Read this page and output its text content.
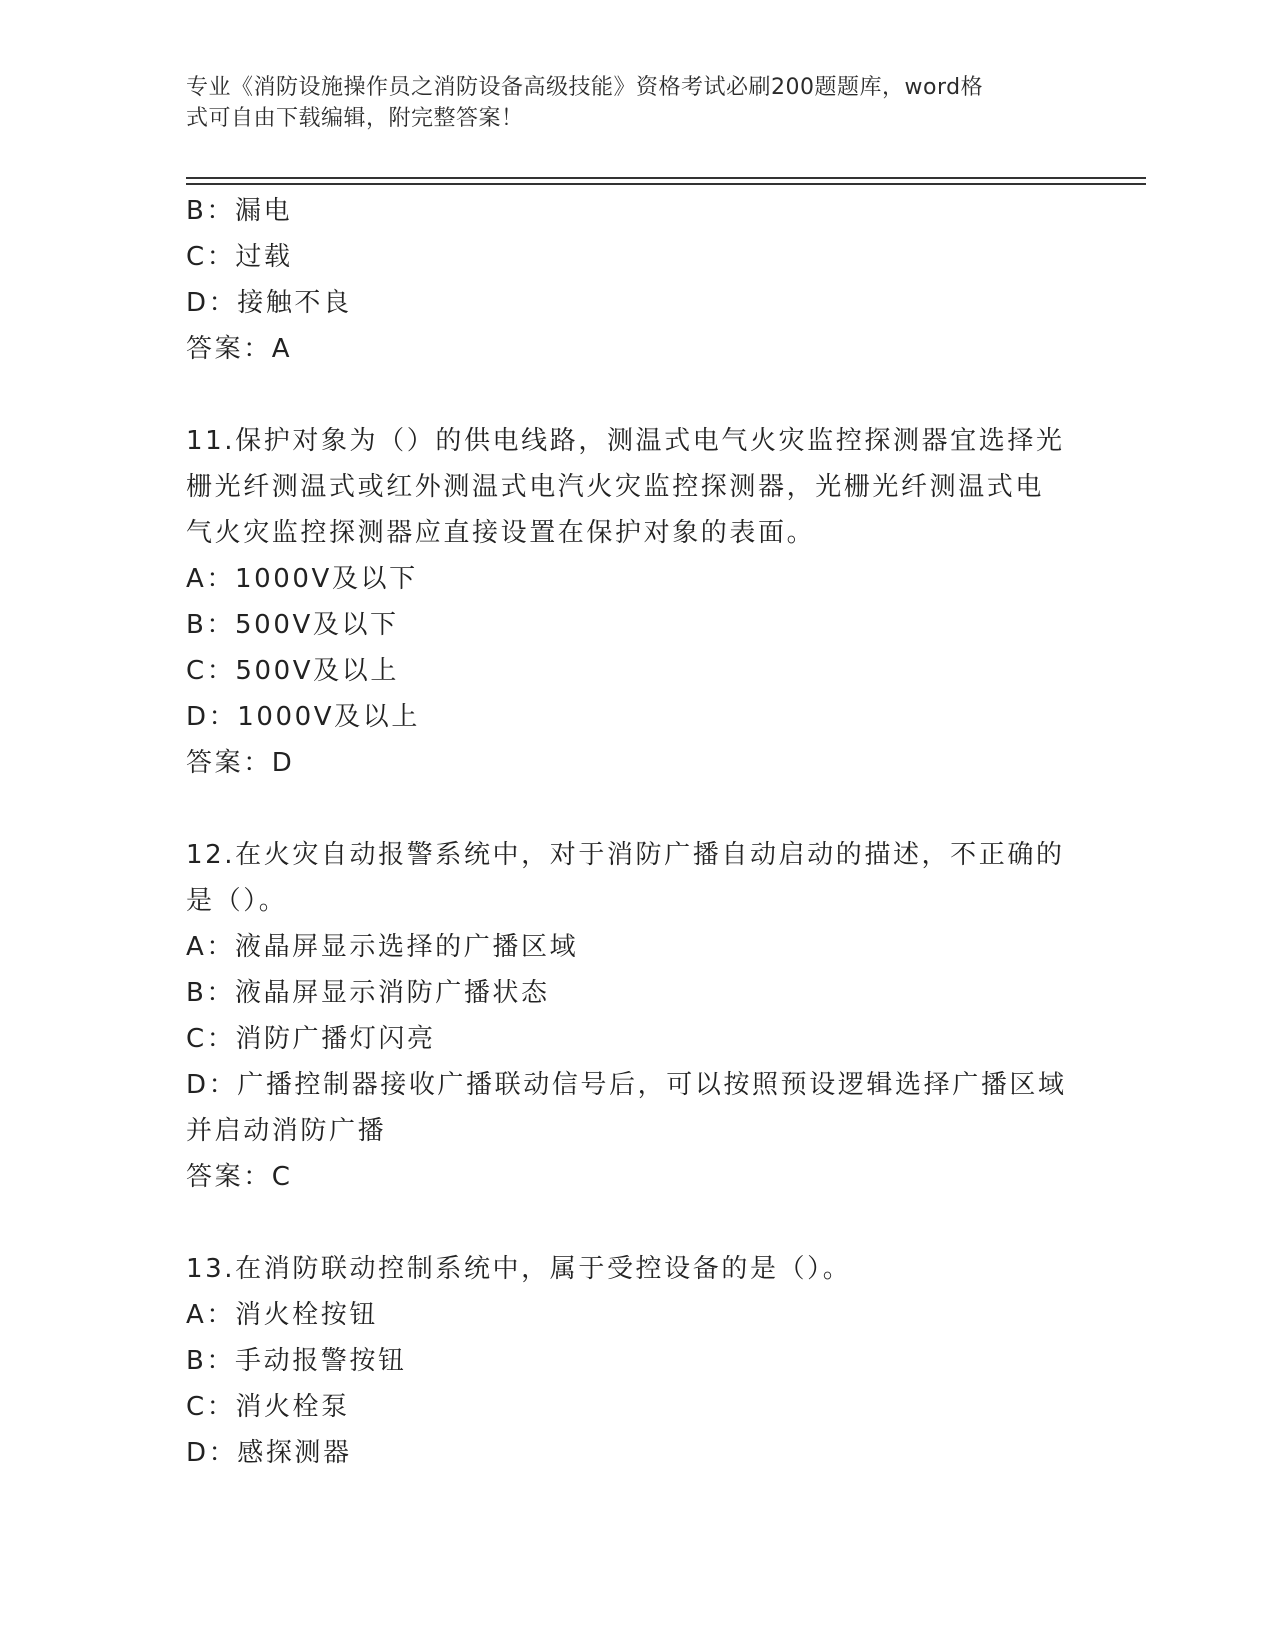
专业《消防设施操作员之消防设备高级技能》资格考试必刷200题题库，word格
式可自由下载编辑，附完整答案！
B：漏电
C：过载
D：接触不良
答案：A
11.保护对象为（）的供电线路，测温式电气火灾监控探测器宜选择光
栅光纤测温式或红外测温式电汽火灾监控探测器，光栅光纤测温式电
气火灾监控探测器应直接设置在保护对象的表面。
A：1000V及以下
B：500V及以下
C：500V及以上
D：1000V及以上
答案：D
12.在火灾自动报警系统中，对于消防广播自动启动的描述，不正确的
是（）。
A：液晶屏显示选择的广播区域
B：液晶屏显示消防广播状态
C：消防广播灯闪亮
D：广播控制器接收广播联动信号后，可以按照预设逻辑选择广播区域
并启动消防广播
答案：C
13.在消防联动控制系统中，属于受控设备的是（）。
A：消火栓按钮
B：手动报警按钮
C：消火栓泵
D：感探测器
